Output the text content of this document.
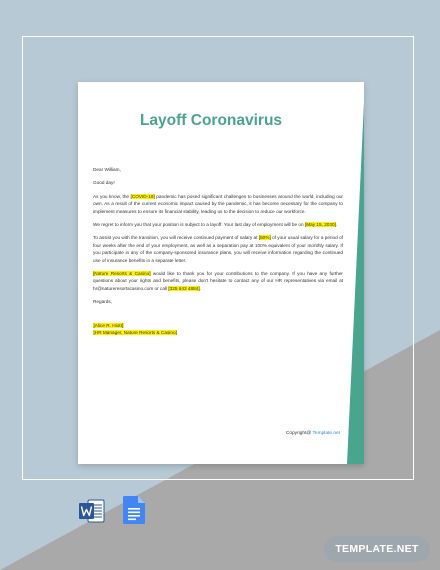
Layoff Coronavirus

Dear William,

Good day!

As you know, the [COVID-19] pandemic has posed significant challenges to businesses around the world, including our own. As a result of the current economic impact caused by the pandemic, it has become necessary for the company to implement measures to ensure its financial stability, leading us to the decision to reduce our workforce.

We regret to inform you that your position is subject to a layoff. Your last day of employment will be on [May 15, 2030].

To assist you with the transition, you will receive continued payment of salary at [50%] of your usual salary for a period of four weeks after the end of your employment, as well as a separation pay at 100% equivalent of your monthly salary. If you participate in any of the company-sponsored insurance plans, you will receive information regarding the continued use of insurance benefits in a separate letter.

[Nature Resorts & Casino] would like to thank you for your contributions to the company. If you have any further questions about your rights and benefits, please don't hesitate to contact any of our HR representatives via email at hr@natureresortscasino.com or call [325 643 4884].

Regards,

[Alice R. Hiott]
[HR Manager, Nature Resorts & Casino]
Copyright@ Template.net
TEMPLATE.NET
